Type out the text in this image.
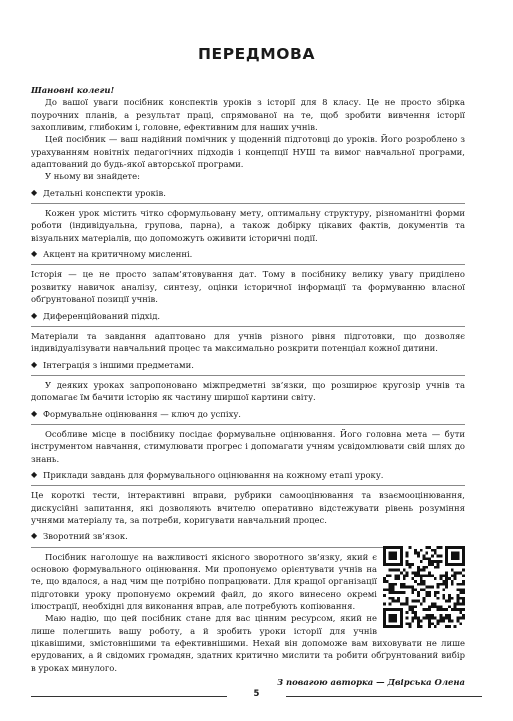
ПЕРЕДМОВА

Шановні колеги!

До вашої уваги посібник конспектів уроків з історії для 8 класу. Це не просто збірка поурочних планів, а результат праці, спрямованої на те, щоб зробити вивчення історії захопливим, глибоким і, головне, ефективним для наших учнів.

Цей посібник — ваш надійний помічник у щоденній підготовці до уроків. Його розроблено з урахуванням новітніх педагогічних підходів і концепції НУШ та вимог навчальної програми, адаптований до будь-якої авторської програми.

У ньому ви знайдете:

◆ Детальні конспекти уроків.

Кожен урок містить чітко сформульовану мету, оптимальну структуру, різноманітні форми роботи (індивідуальна, групова, парна), а також добірку цікавих фактів, документів та візуальних матеріалів, що допоможуть оживити історичні події.

◆ Акцент на критичному мисленні.

Історія — це не просто запам’ятовування дат. Тому в посібнику велику увагу приділено розвитку навичок аналізу, синтезу, оцінки історичної інформації та формуванню власної обґрунтованої позиції учнів.

◆ Диференційований підхід.

Матеріали та завдання адаптовано для учнів різного рівня підготовки, що дозволяє індивідуалізувати навчальний процес та максимально розкрити потенціал кожної дитини.

◆ Інтеграція з іншими предметами.

У деяких уроках запропоновано міжпредметні зв’язки, що розширює кругозір учнів та допомагає їм бачити історію як частину ширшої картини світу.

◆ Формувальне оцінювання — ключ до успіху.

Особливе місце в посібнику посідає формувальне оцінювання. Його головна мета — бути інструментом навчання, стимулювати прогрес і допомагати учням усвідомлювати свій шлях до знань.

◆ Приклади завдань для формувального оцінювання на кожному етапі уроку.

Це короткі тести, інтерактивні вправи, рубрики самооцінювання та взаємооцінювання, дискусійні запитання, які дозволяють вчителю оперативно відстежувати рівень розуміння учнями матеріалу та, за потреби, коригувати навчальний процес.

◆ Зворотний зв’язок.

Посібник наголошує на важливості якісного зворотного зв’язку, який є основою формувального оцінювання. Ми пропонуємо орієнтувати учнів на те, що вдалося, а над чим ще потрібно попрацювати. Для кращої організації підготовки уроку пропонуємо окремий файл, до якого винесено окремі ілюстрації, необхідні для виконання вправ, але потребують копіювання.

Маю надію, що цей посібник стане для вас цінним ресурсом, який не лише полегшить вашу роботу, а й зробить уроки історії для учнів цікавішими, змістовнішими та ефективнішими. Нехай він допоможе вам виховувати не лише ерудованих, а й свідомих громадян, здатних критично мислити та робити обґрунтований вибір в уроках минулого.

З повагою авторка — Двірська Олена

5
